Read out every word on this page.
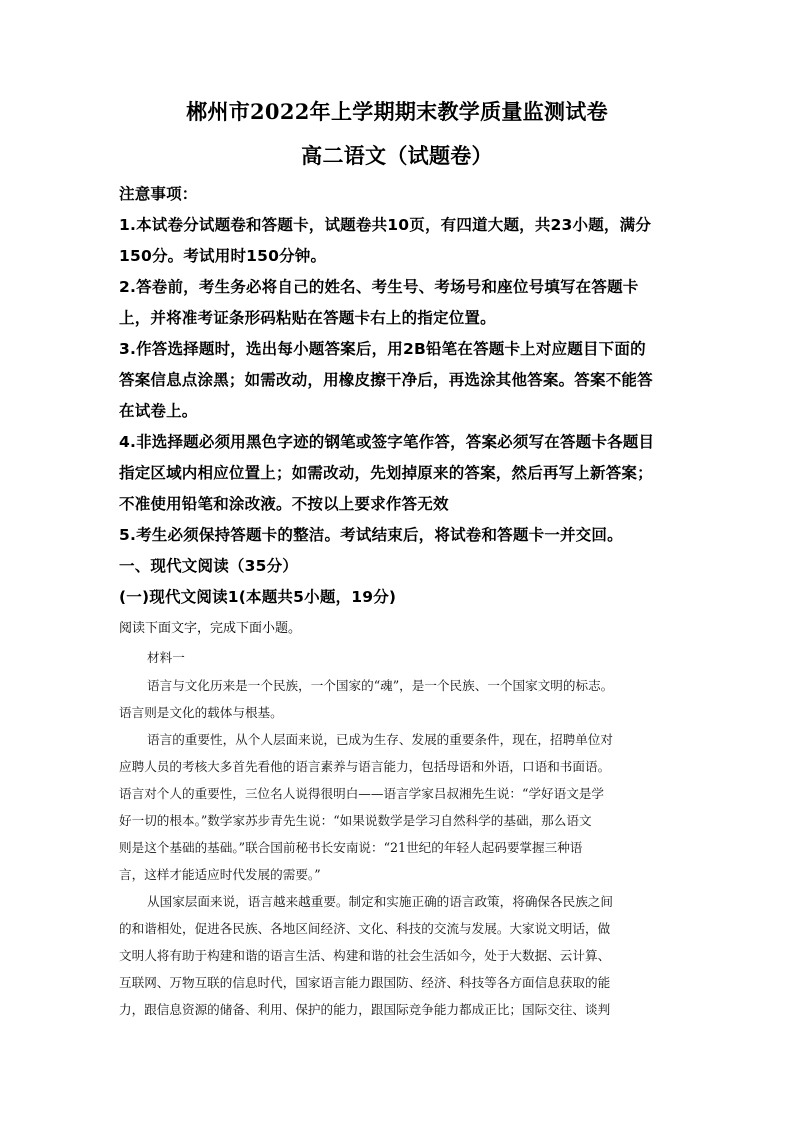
郴州市2022年上学期期末教学质量监测试卷
高二语文（试题卷）
注意事项：
1.本试卷分试题卷和答题卡，试题卷共10页，有四道大题，共23小题，满分
150分。考试用时150分钟。
2.答卷前，考生务必将自己的姓名、考生号、考场号和座位号填写在答题卡
上，并将准考证条形码粘贴在答题卡右上的指定位置。
3.作答选择题时，选出每小题答案后，用2B铅笔在答题卡上对应题目下面的
答案信息点涂黑；如需改动，用橡皮擦干净后，再选涂其他答案。答案不能答
在试卷上。
4.非选择题必须用黑色字迹的钢笔或签字笔作答，答案必须写在答题卡各题目
指定区域内相应位置上；如需改动，先划掉原来的答案，然后再写上新答案；
不准使用铅笔和涂改液。不按以上要求作答无效
5.考生必须保持答题卡的整洁。考试结束后，将试卷和答题卡一并交回。
一、现代文阅读（35分）
(一)现代文阅读1(本题共5小题，19分)
阅读下面文字，完成下面小题。
材料一
语言与文化历来是一个民族，一个国家的“魂”，是一个民族、一个国家文明的标志。
语言则是文化的载体与根基。
语言的重要性，从个人层面来说，已成为生存、发展的重要条件，现在，招聘单位对
应聘人员的考核大多首先看他的语言素养与语言能力，包括母语和外语，口语和书面语。
语言对个人的重要性，三位名人说得很明白——语言学家吕叔湘先生说：“学好语文是学
好一切的根本。”数学家苏步青先生说：“如果说数学是学习自然科学的基础，那么语文
则是这个基础的基础。”联合国前秘书长安南说：“21世纪的年轻人起码要掌握三种语
言，这样才能适应时代发展的需要。”
从国家层面来说，语言越来越重要。制定和实施正确的语言政策，将确保各民族之间
的和谐相处，促进各民族、各地区间经济、文化、科技的交流与发展。大家说文明话，做
文明人将有助于构建和谐的语言生活、构建和谐的社会生活如今，处于大数据、云计算、
互联网、万物互联的信息时代，国家语言能力跟国防、经济、科技等各方面信息获取的能
力，跟信息资源的储备、利用、保护的能力，跟国际竞争能力都成正比；国际交往、谈判
